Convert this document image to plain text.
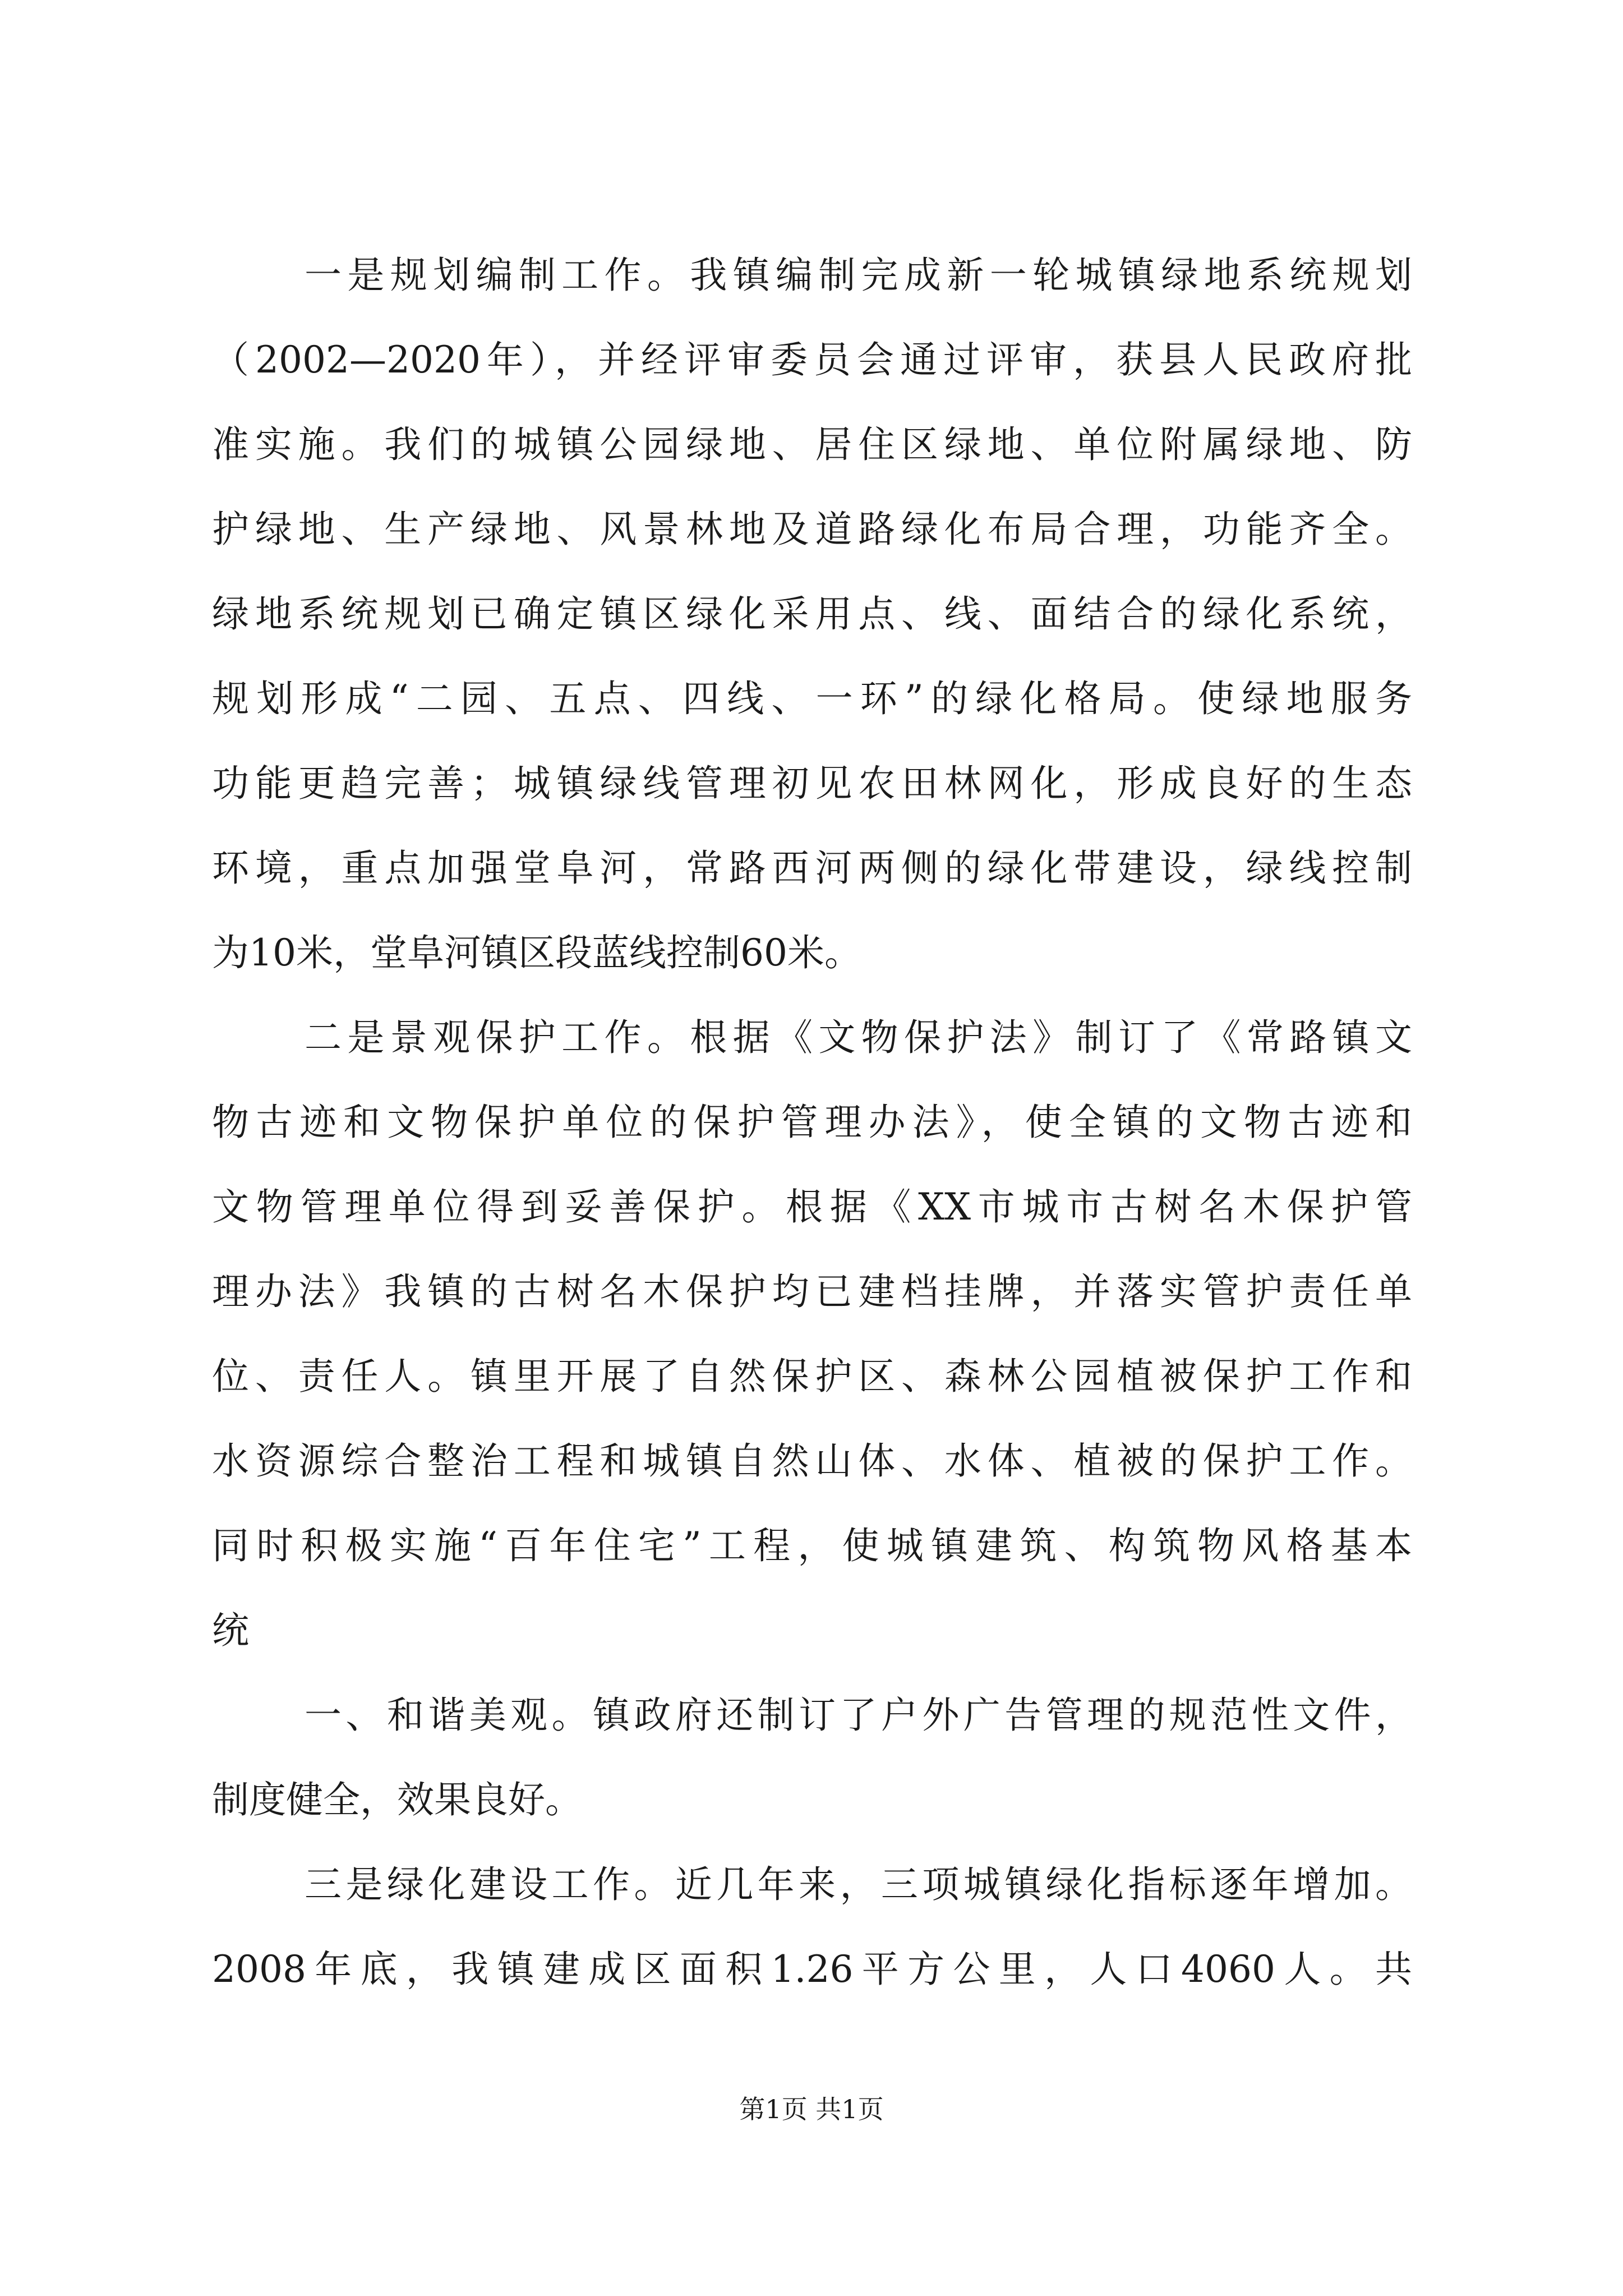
一是规划编制工作。我镇编制完成新一轮城镇绿地系统规划
（2002—2020年），并经评审委员会通过评审，获县人民政府批
准实施。我们的城镇公园绿地、居住区绿地、单位附属绿地、防
护绿地、生产绿地、风景林地及道路绿化布局合理，功能齐全。
绿地系统规划已确定镇区绿化采用点、线、面结合的绿化系统，
规划形成“二园、五点、四线、一环”的绿化格局。使绿地服务
功能更趋完善；城镇绿线管理初见农田林网化，形成良好的生态
环境，重点加强堂阜河，常路西河两侧的绿化带建设，绿线控制
为10米，堂阜河镇区段蓝线控制60米。
二是景观保护工作。根据《文物保护法》制订了《常路镇文
物古迹和文物保护单位的保护管理办法》，使全镇的文物古迹和
文物管理单位得到妥善保护。根据《XX市城市古树名木保护管
理办法》我镇的古树名木保护均已建档挂牌，并落实管护责任单
位、责任人。镇里开展了自然保护区、森林公园植被保护工作和
水资源综合整治工程和城镇自然山体、水体、植被的保护工作。
同时积极实施“百年住宅”工程，使城镇建筑、构筑物风格基本
统
一、和谐美观。镇政府还制订了户外广告管理的规范性文件，
制度健全，效果良好。
三是绿化建设工作。近几年来，三项城镇绿化指标逐年增加。
2008年底，我镇建成区面积1.26平方公里，人口4060人。共
第1页 共1页
